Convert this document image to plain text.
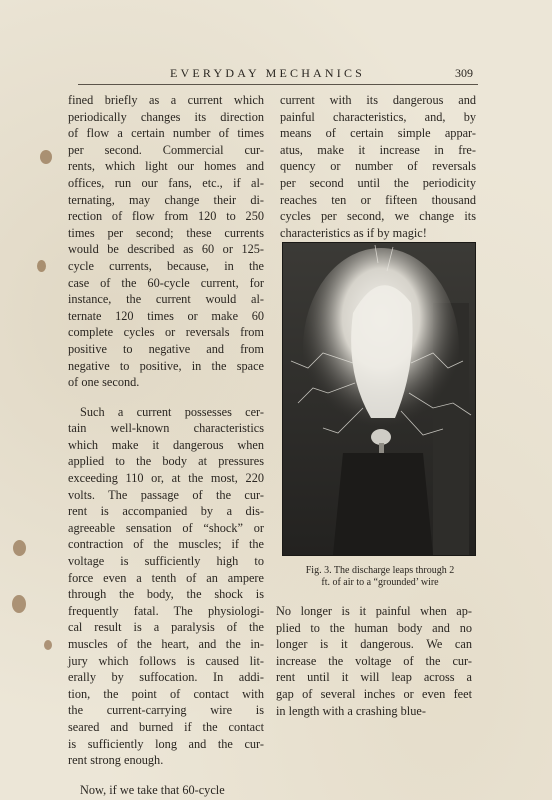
EVERYDAY MECHANICS	309
fined briefly as a current which
periodically changes its direction
of flow a certain number of times
per second. Commercial cur-
rents, which light our homes and
offices, run our fans, etc., if al-
ternating, may change their di-
rection of flow from 120 to 250
times per second; these currents
would be described as 60 or 125-
cycle currents, because, in the
case of the 60-cycle current, for
instance, the current would al-
ternate 120 times or make 60
complete cycles or reversals from
positive to negative and from
negative to positive, in the space
of one second.
Such a current possesses cer-
tain well-known characteristics
which make it dangerous when
applied to the body at pressures
exceeding 110 or, at the most, 220
volts. The passage of the cur-
rent is accompanied by a dis-
agreeable sensation of “shock” or
contraction of the muscles; if the
voltage is sufficiently high to
force even a tenth of an ampere
through the body, the shock is
frequently fatal. The physiologi-
cal result is a paralysis of the
muscles of the heart, and the in-
jury which follows is caused lit-
erally by suffocation. In addi-
tion, the point of contact with
the current-carrying wire is
seared and burned if the contact
is sufficiently long and the cur-
rent strong enough.
Now, if we take that 60-cycle
current with its dangerous and
painful characteristics, and, by
means of certain simple appar-
atus, make it increase in fre-
quency or number of reversals
per second until the periodicity
reaches ten or fifteen thousand
cycles per second, we change its
characteristics as if by magic!
Fig. 3. The discharge leaps through 2
ft. of air to a “grounded’ wire
No longer is it painful when ap-
plied to the human body and no
longer is it dangerous. We can
increase the voltage of the cur-
rent until it will leap across a
gap of several inches or even feet
in length with a crashing blue-
